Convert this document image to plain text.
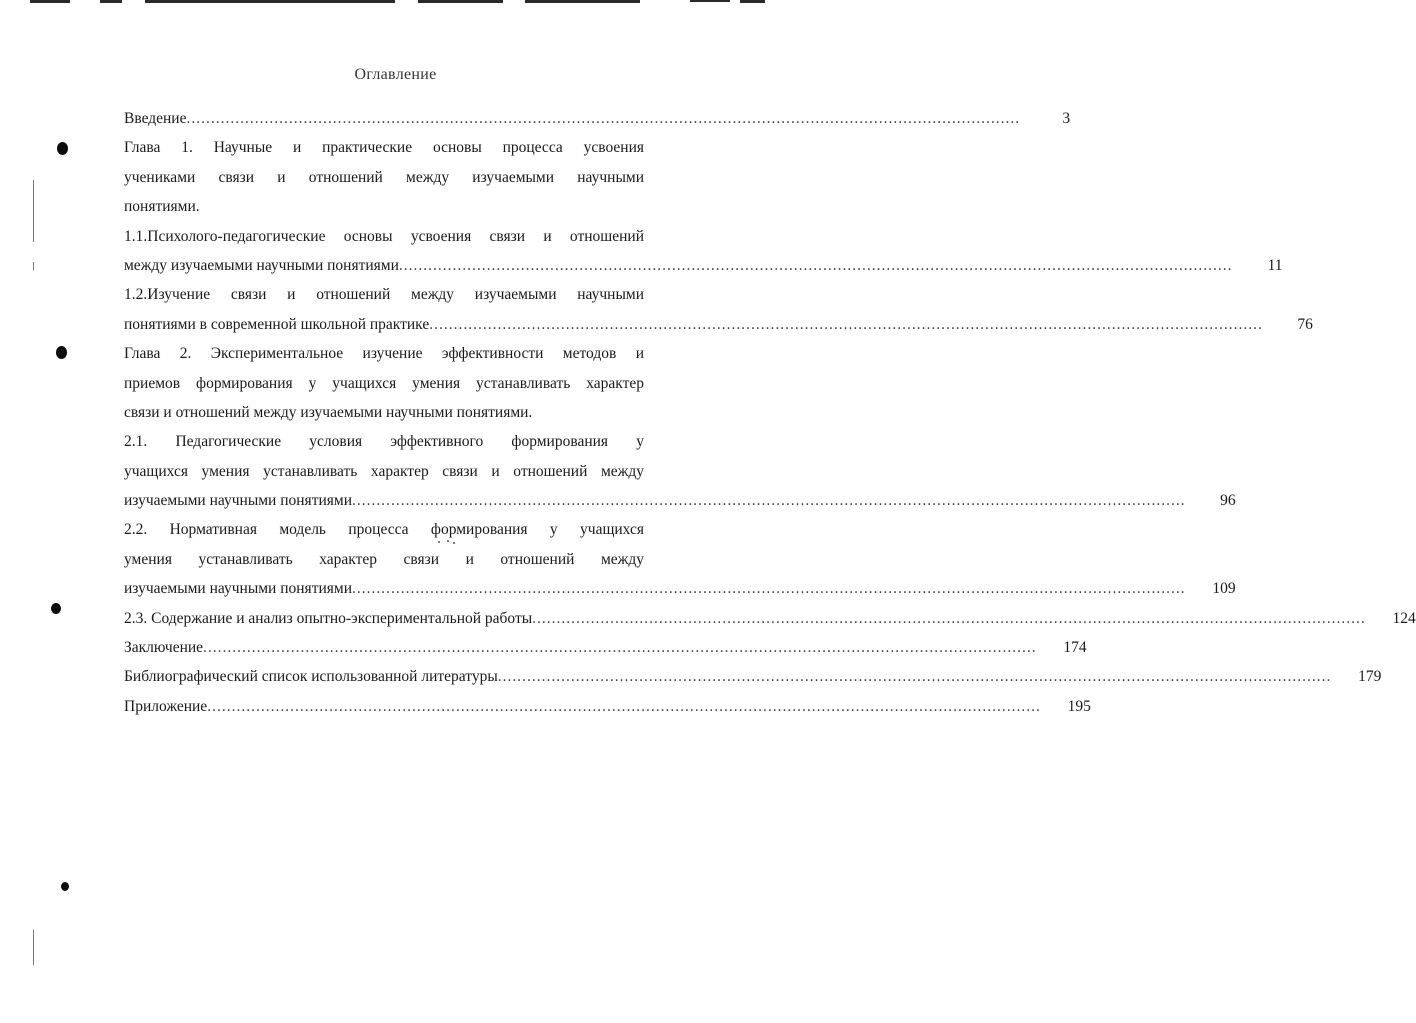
Оглавление
Введение ...........................................................................................................................................................................	3
Глава 1. Научные и практические основы процесса усвоения
учениками связи и отношений между изучаемыми научными
понятиями.
1.1.Психолого-педагогические основы усвоения связи и отношений
между изучаемыми научными понятиями ...........................................................................................................................................................................	11
1.2.Изучение связи и отношений между изучаемыми научными
понятиями в современной школьной практике ...........................................................................................................................................................................	76
Глава 2. Экспериментальное изучение эффективности методов и
приемов формирования у учащихся умения устанавливать характер
связи и отношений между изучаемыми научными понятиями.
2.1. Педагогические условия эффективного формирования у
учащихся умения устанавливать характер связи и отношений между
изучаемыми научными понятиями ...........................................................................................................................................................................	96
2.2. Нормативная модель процесса формирования у учащихся
умения устанавливать характер связи и отношений между
изучаемыми научными понятиями ...........................................................................................................................................................................	109
2.3. Содержание и анализ опытно-экспериментальной работы ...........................................................................................................................................................................	124
Заключение ...........................................................................................................................................................................	174
Библиографический список использованной литературы ...........................................................................................................................................................................	179
Приложение ...........................................................................................................................................................................	195
